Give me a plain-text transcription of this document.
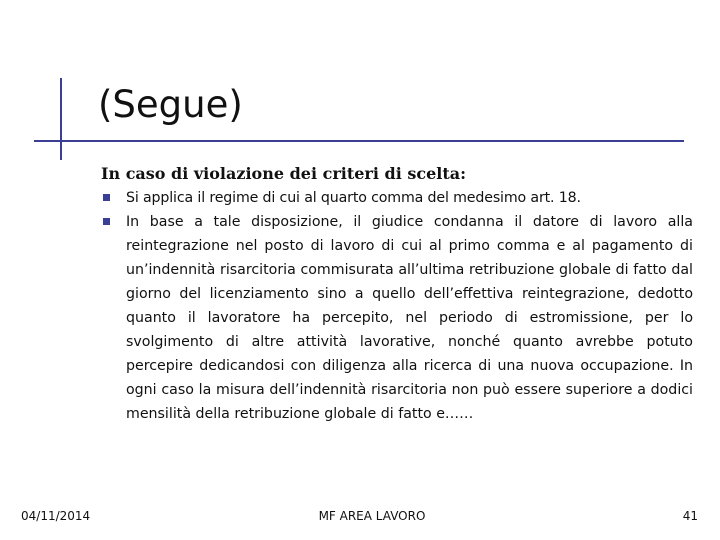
(Segue)

In caso di violazione dei criteri di scelta:

Si applica il regime di cui al quarto comma del medesimo art. 18.
In base a tale disposizione, il giudice condanna il datore di lavoro alla reintegrazione nel posto di lavoro di cui al primo comma e al pagamento di un’indennità risarcitoria commisurata all’ultima retribuzione globale di fatto dal giorno del licenziamento sino a quello dell’effettiva reintegrazione, dedotto quanto il lavoratore ha percepito, nel periodo di estromissione, per lo svolgimento di altre attività lavorative, nonché quanto avrebbe potuto percepire dedicandosi con diligenza alla ricerca di una nuova occupazione. In ogni caso la misura dell’indennità risarcitoria non può essere superiore a dodici mensilità della retribuzione globale di fatto e……
04/11/2014	MF AREA LAVORO	41
